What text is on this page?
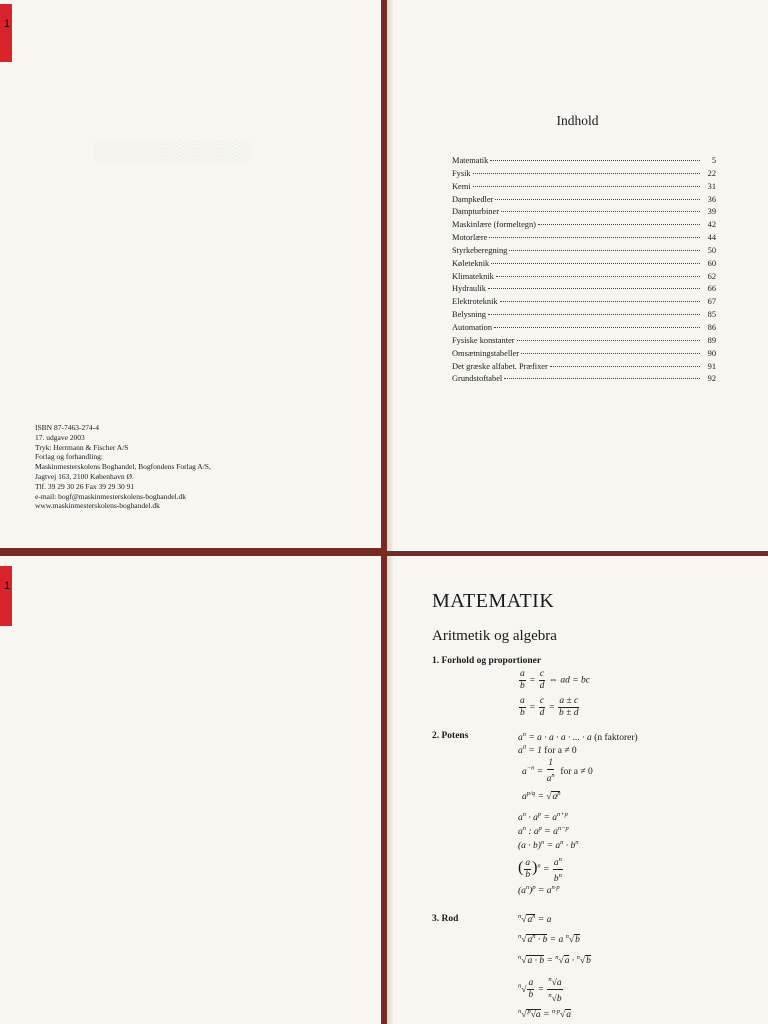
1
░░░░░░░░░░░
ISBN 87-7463-274-4
17. udgave 2003
Tryk: Herrmann & Fischer A/S
Forlag og forhandling:
Maskinmesterskolens Boghandel, Bogfondens Forlag A/S,
Jagtvej 163, 2100 København Ø.
Tlf. 39 29 30 26 Fax 39 29 30 91
e-mail: bogf@maskinmesterskolens-boghandel.dk
www.maskinmesterskolens-boghandel.dk
Indhold
Matematik	5
Fysik	22
Kemi	31
Dampkedler	36
Dampturbiner	39
Maskinlære (formeltegn)	42
Motorlære	44
Styrkeberegning	50
Køleteknik	60
Klimateknik	62
Hydraulik	66
Elektroteknik	67
Belysning	85
Automation	86
Fysiske konstanter	89
Omsætningstabeller	90
Det græske alfabet. Præfixer	91
Grundstoftabel	92
1
MATEMATIK
Aritmetik og algebra
1. Forhold og proportioner
$\frac{a}{b} = \frac{c}{d}$ ⇔ ad = bc
$\frac{a}{b} = \frac{c}{d} = \frac{a \pm c}{b \pm d}$
2. Potens	$a^n = a \cdot a \cdot a$ · ... · a (n faktorer)
$a^0 = 1$ for a ≠ 0
$a^{-n} = \frac{1}{a^n}$ for a ≠ 0
$a^{p/q} = √a^p$
$a^n \cdot a^p = a^{n+p}$
$a^n$ : $a^p = a^{n-p}$
$(a \cdot b)^n = a^n \cdot b^n$
( $\frac{a}{b} )^n = \frac{a^n}{b^n}$
$(a^n)^p = a^{n\cdot p}$
3. Rod	$^n√a^n = a$
$^n√a^n \cdot b = a$ $^n$√b
$^n$√a · b = $^n$√a · $^n$√b
$^n√ \frac{a}{b} = \frac{^n√a}{^n√b}$
$^n$√$^p$√a = $^{n\cdot p}$√a
